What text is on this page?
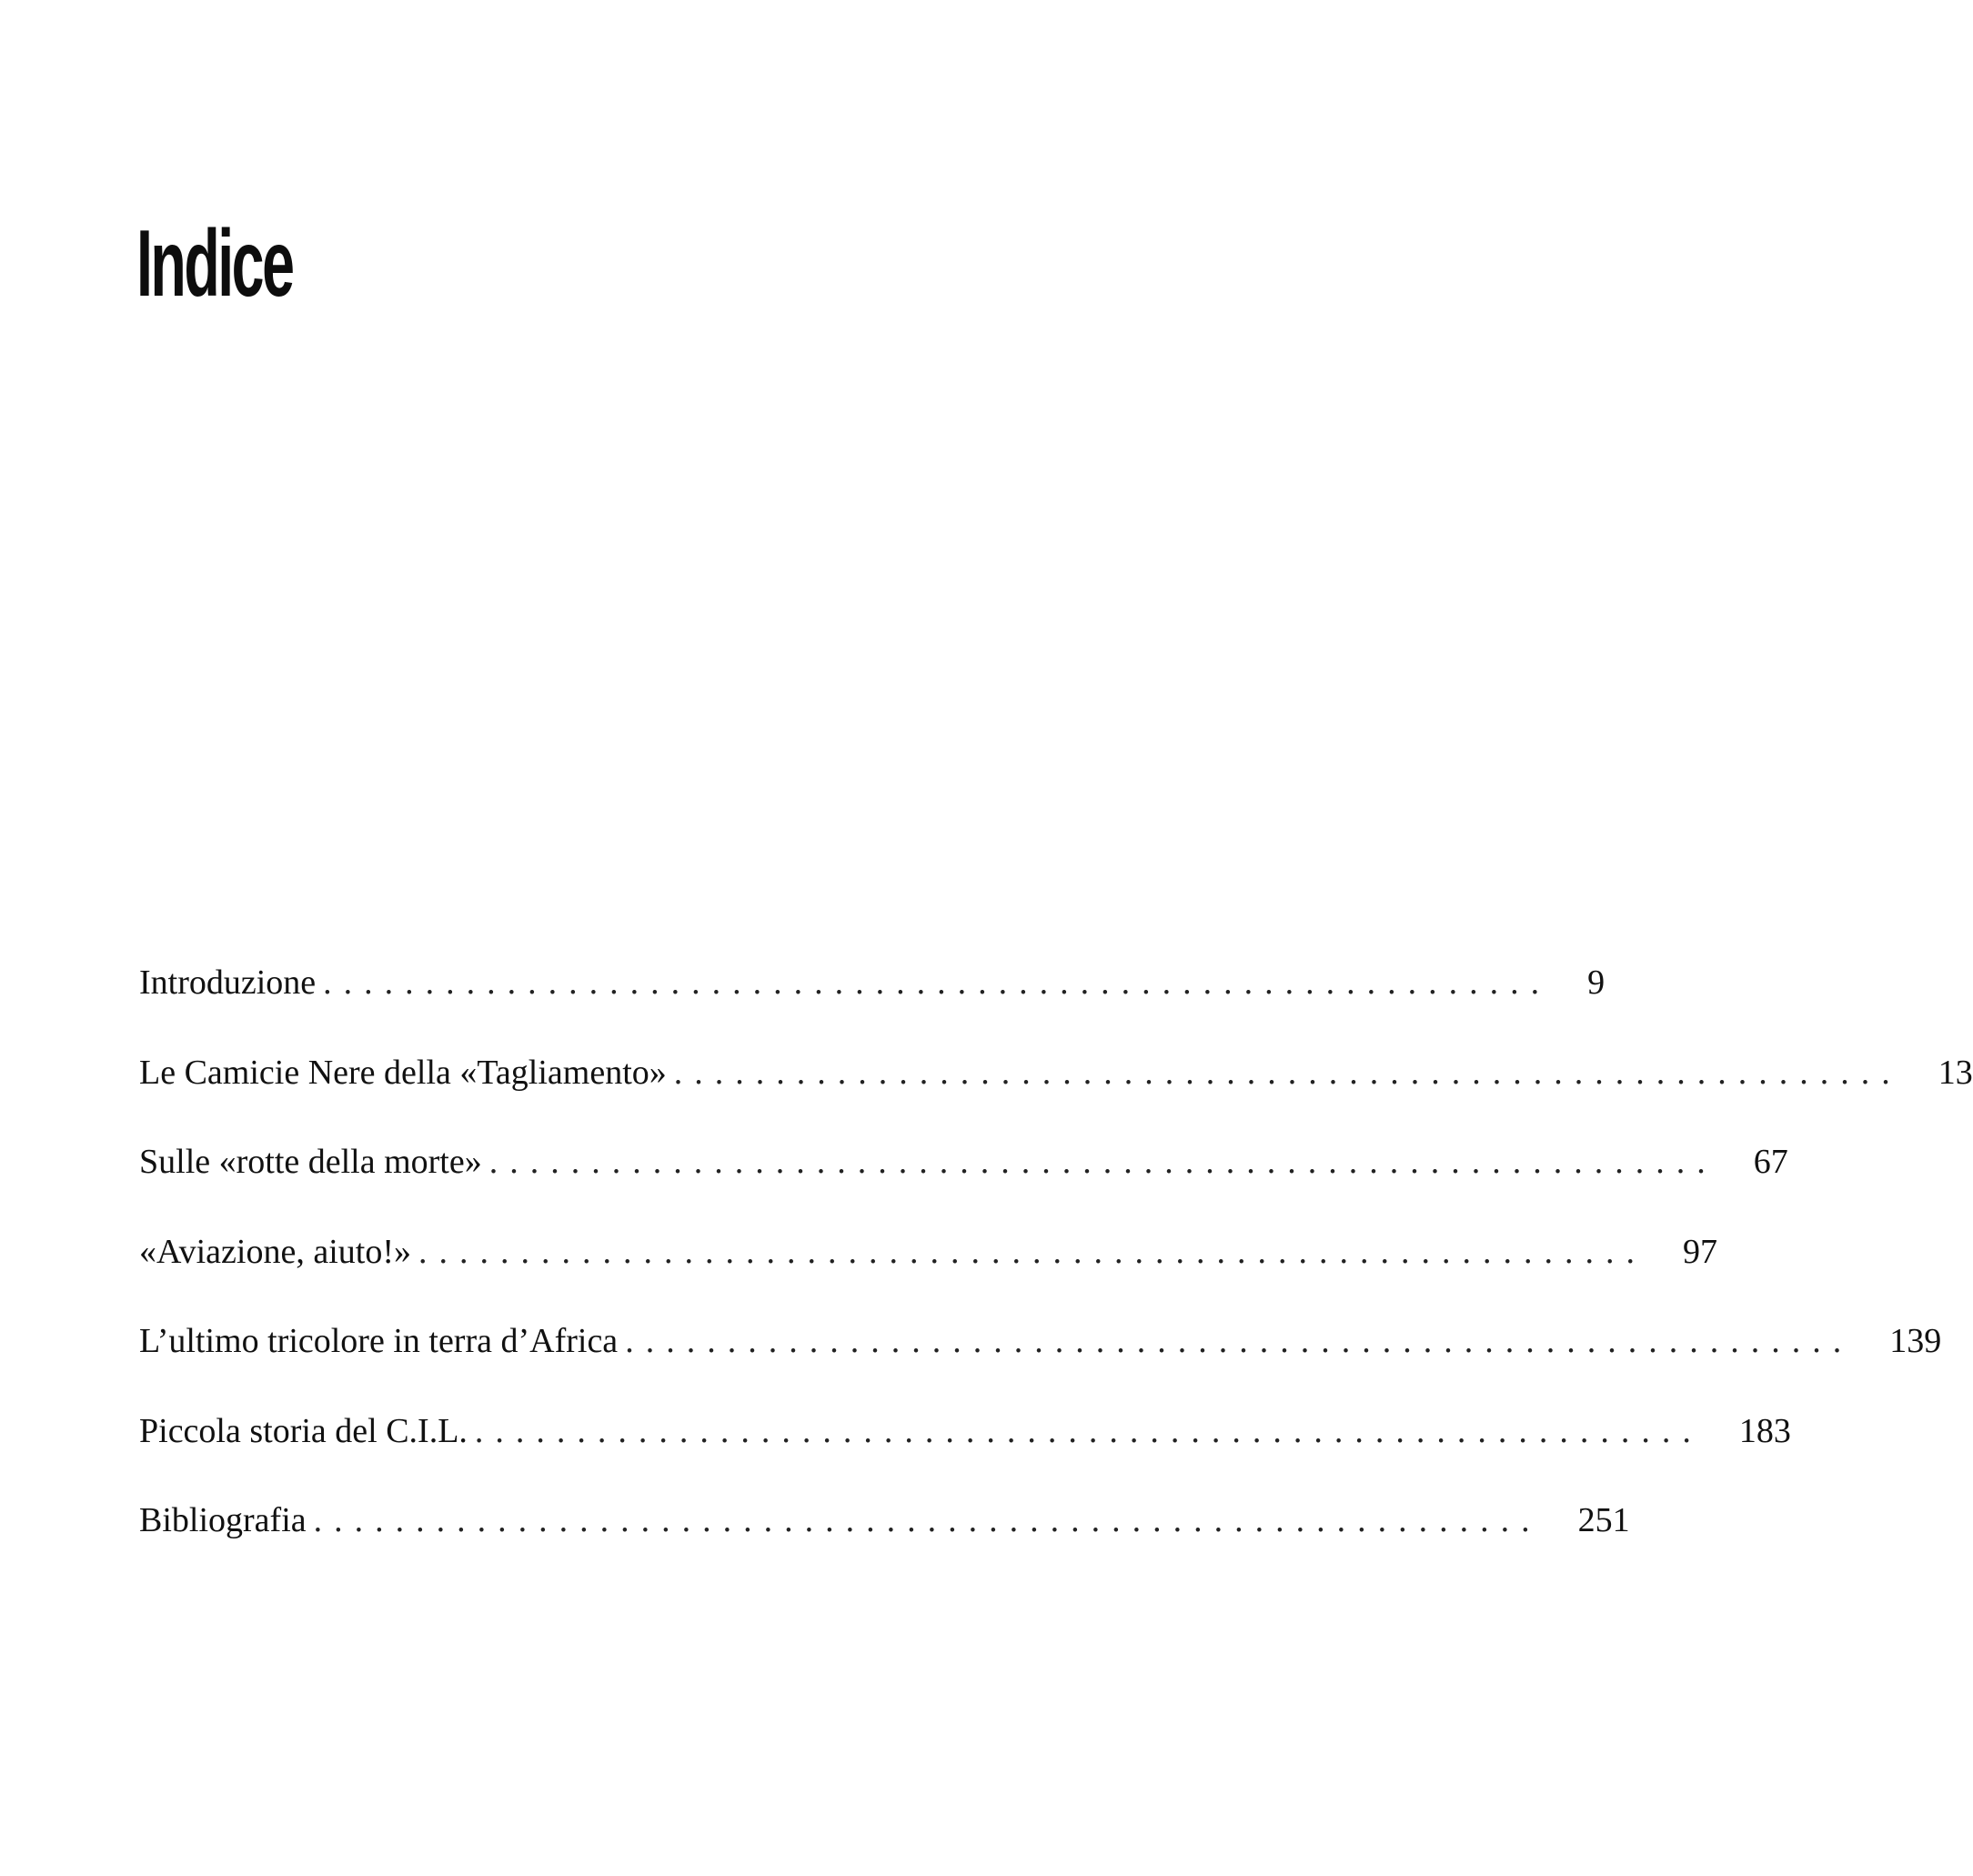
Indice
Introduzione ............................................................ 9
Le Camicie Nere della «Tagliamento» ............................................................ 13
Sulle «rotte della morte» ............................................................ 67
«Aviazione, aiuto!» ............................................................ 97
L’ultimo tricolore in terra d’Africa ............................................................ 139
Piccola storia del C.I.L. ............................................................ 183
Bibliografia ............................................................ 251
